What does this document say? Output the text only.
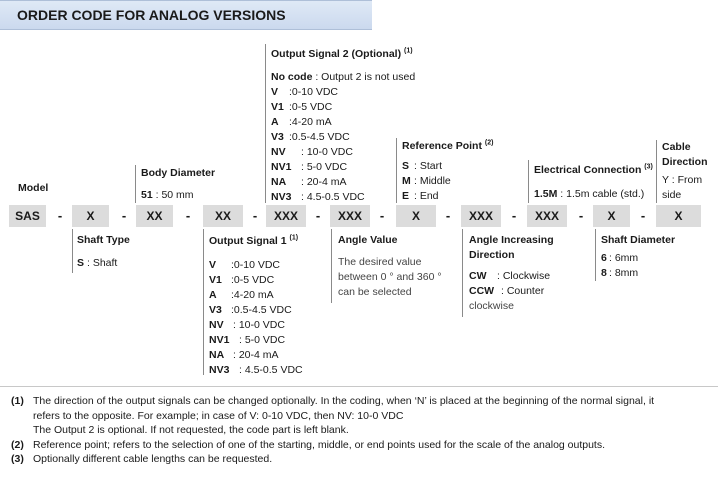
ORDER CODE FOR ANALOG VERSIONS
Model
Body Diameter
51 : 50 mm
Output Signal 2 (Optional) $^{(1)}$
No code : Output 2 is not used
V :0-10 VDC
V1 :0-5 VDC
A :4-20 mA
V3 :0.5-4.5 VDC
NV : 10-0 VDC
NV1 : 5-0 VDC
NA : 20-4 mA
NV3 : 4.5-0.5 VDC
Reference Point $^{(2)}$
S : Start
M : Middle
E : End
Electrical Connection $^{(3)}$
1.5M : 1.5m cable (std.)
Cable
Direction
Y : From
side
SAS	-	X	-	XX	-	XX	-	XXX	-	XXX	-	X	-	XXX	-	XXX	-	X	-	X
Shaft Type
S : Shaft
Output Signal 1 $^{(1)}$
V :0-10 VDC
V1 :0-5 VDC
A :4-20 mA
V3 :0.5-4.5 VDC
NV : 10-0 VDC
NV1 : 5-0 VDC
NA : 20-4 mA
NV3 : 4.5-0.5 VDC
Angle Value
The desired value
between 0 ° and 360 °
can be selected
Angle Increasing
Direction
CW : Clockwise
CCW : Counter
clockwise
Shaft Diameter
6 : 6mm
8 : 8mm
(1) The direction of the output signals can be changed optionally. In the coding, when ‘N’ is placed at the beginning of the normal signal, it
refers to the opposite. For example; in case of V: 0-10 VDC, then NV: 10-0 VDC
The Output 2 is optional. If not requested, the code part is left blank.
(2) Reference point; refers to the selection of one of the starting, middle, or end points used for the scale of the analog outputs.
(3) Optionally different cable lengths can be requested.
